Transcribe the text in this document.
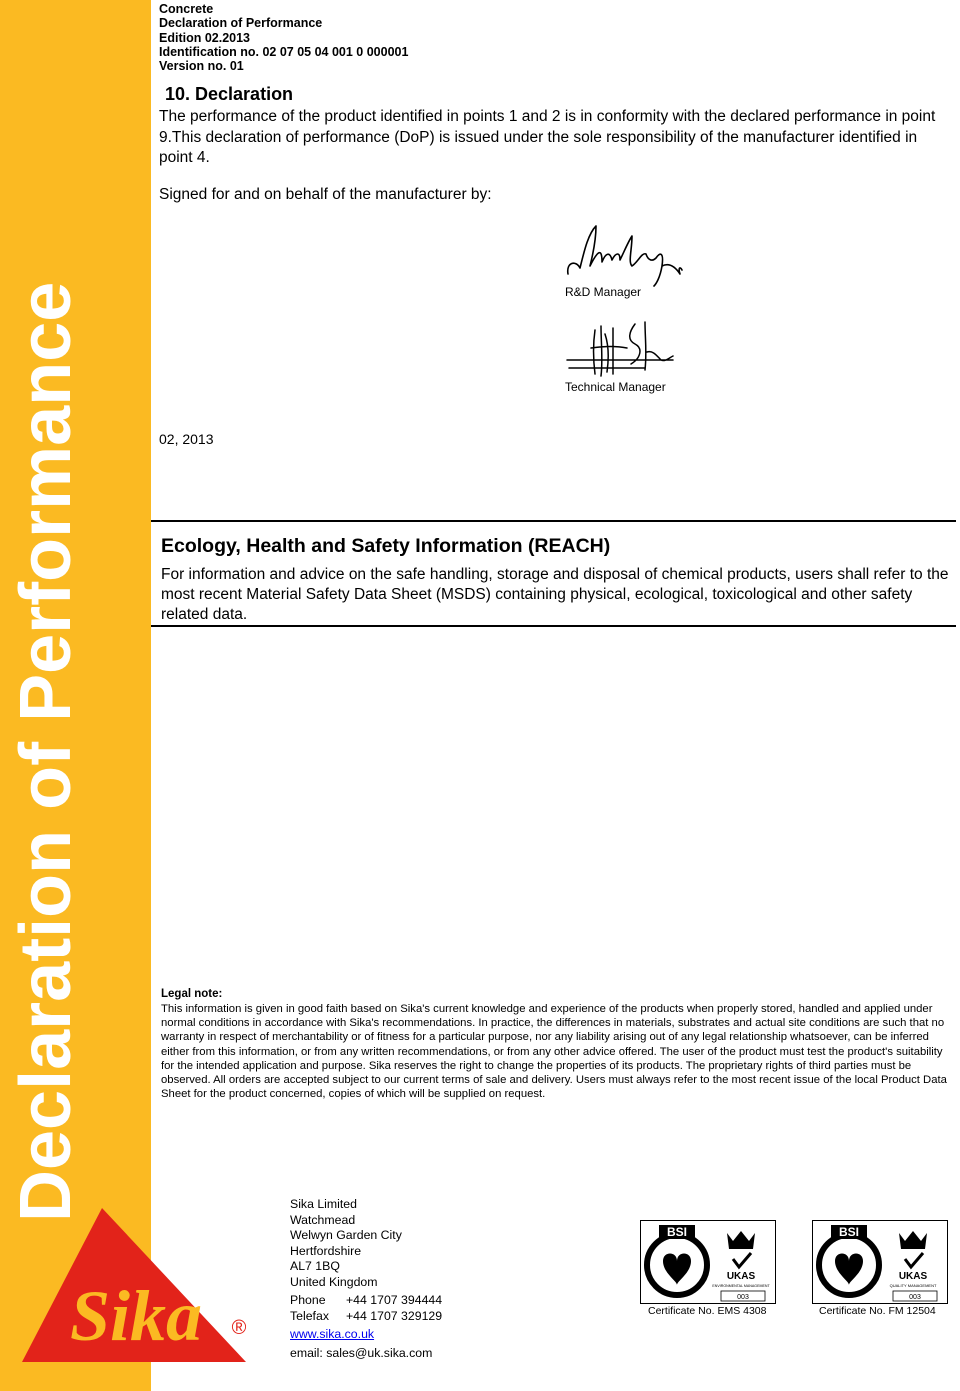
Declaration of Performance
Sika ®
Concrete
Declaration of Performance
Edition 02.2013
Identification no. 02 07 05 04 001 0 000001
Version no. 01
10. Declaration
The performance of the product identified in points 1 and 2 is in conformity with the declared performance in point 9.This declaration of performance (DoP) is issued under the sole responsibility of the manufacturer identified in point 4.
Signed for and on behalf of the manufacturer by:
R&D Manager
Technical Manager
02, 2013
Ecology, Health and Safety Information (REACH)
For information and advice on the safe handling, storage and disposal of chemical products, users shall refer to the most recent Material Safety Data Sheet (MSDS) containing physical, ecological, toxicological and other safety related data.
Legal note:
This information is given in good faith based on Sika's current knowledge and experience of the products when properly stored, handled and applied under normal conditions in accordance with Sika's recommendations. In practice, the differences in materials, substrates and actual site conditions are such that no warranty in respect of merchantability or of fitness for a particular purpose, nor any liability arising out of any legal relationship whatsoever, can be inferred either from this information, or from any written recommendations, or from any other advice offered. The user of the product must test the product's suitability for the intended application and purpose. Sika reserves the right to change the properties of its products. The proprietary rights of third parties must be observed. All orders are accepted subject to our current terms of sale and delivery. Users must always refer to the most recent issue of the local Product Data Sheet for the product concerned, copies of which will be supplied on request.
Sika Limited
Watchmead
Welwyn Garden City
Hertfordshire
AL7 1BQ
United Kingdom
Phone	+44 1707 394444
Telefax	+44 1707 329129
www.sika.co.uk
email: sales@uk.sika.com
BSI
UKAS
ENVIRONMENTAL MANAGEMENT
003
Certificate No. EMS 4308
BSI
UKAS
QUALITY MANAGEMENT
003
Certificate No. FM 12504
